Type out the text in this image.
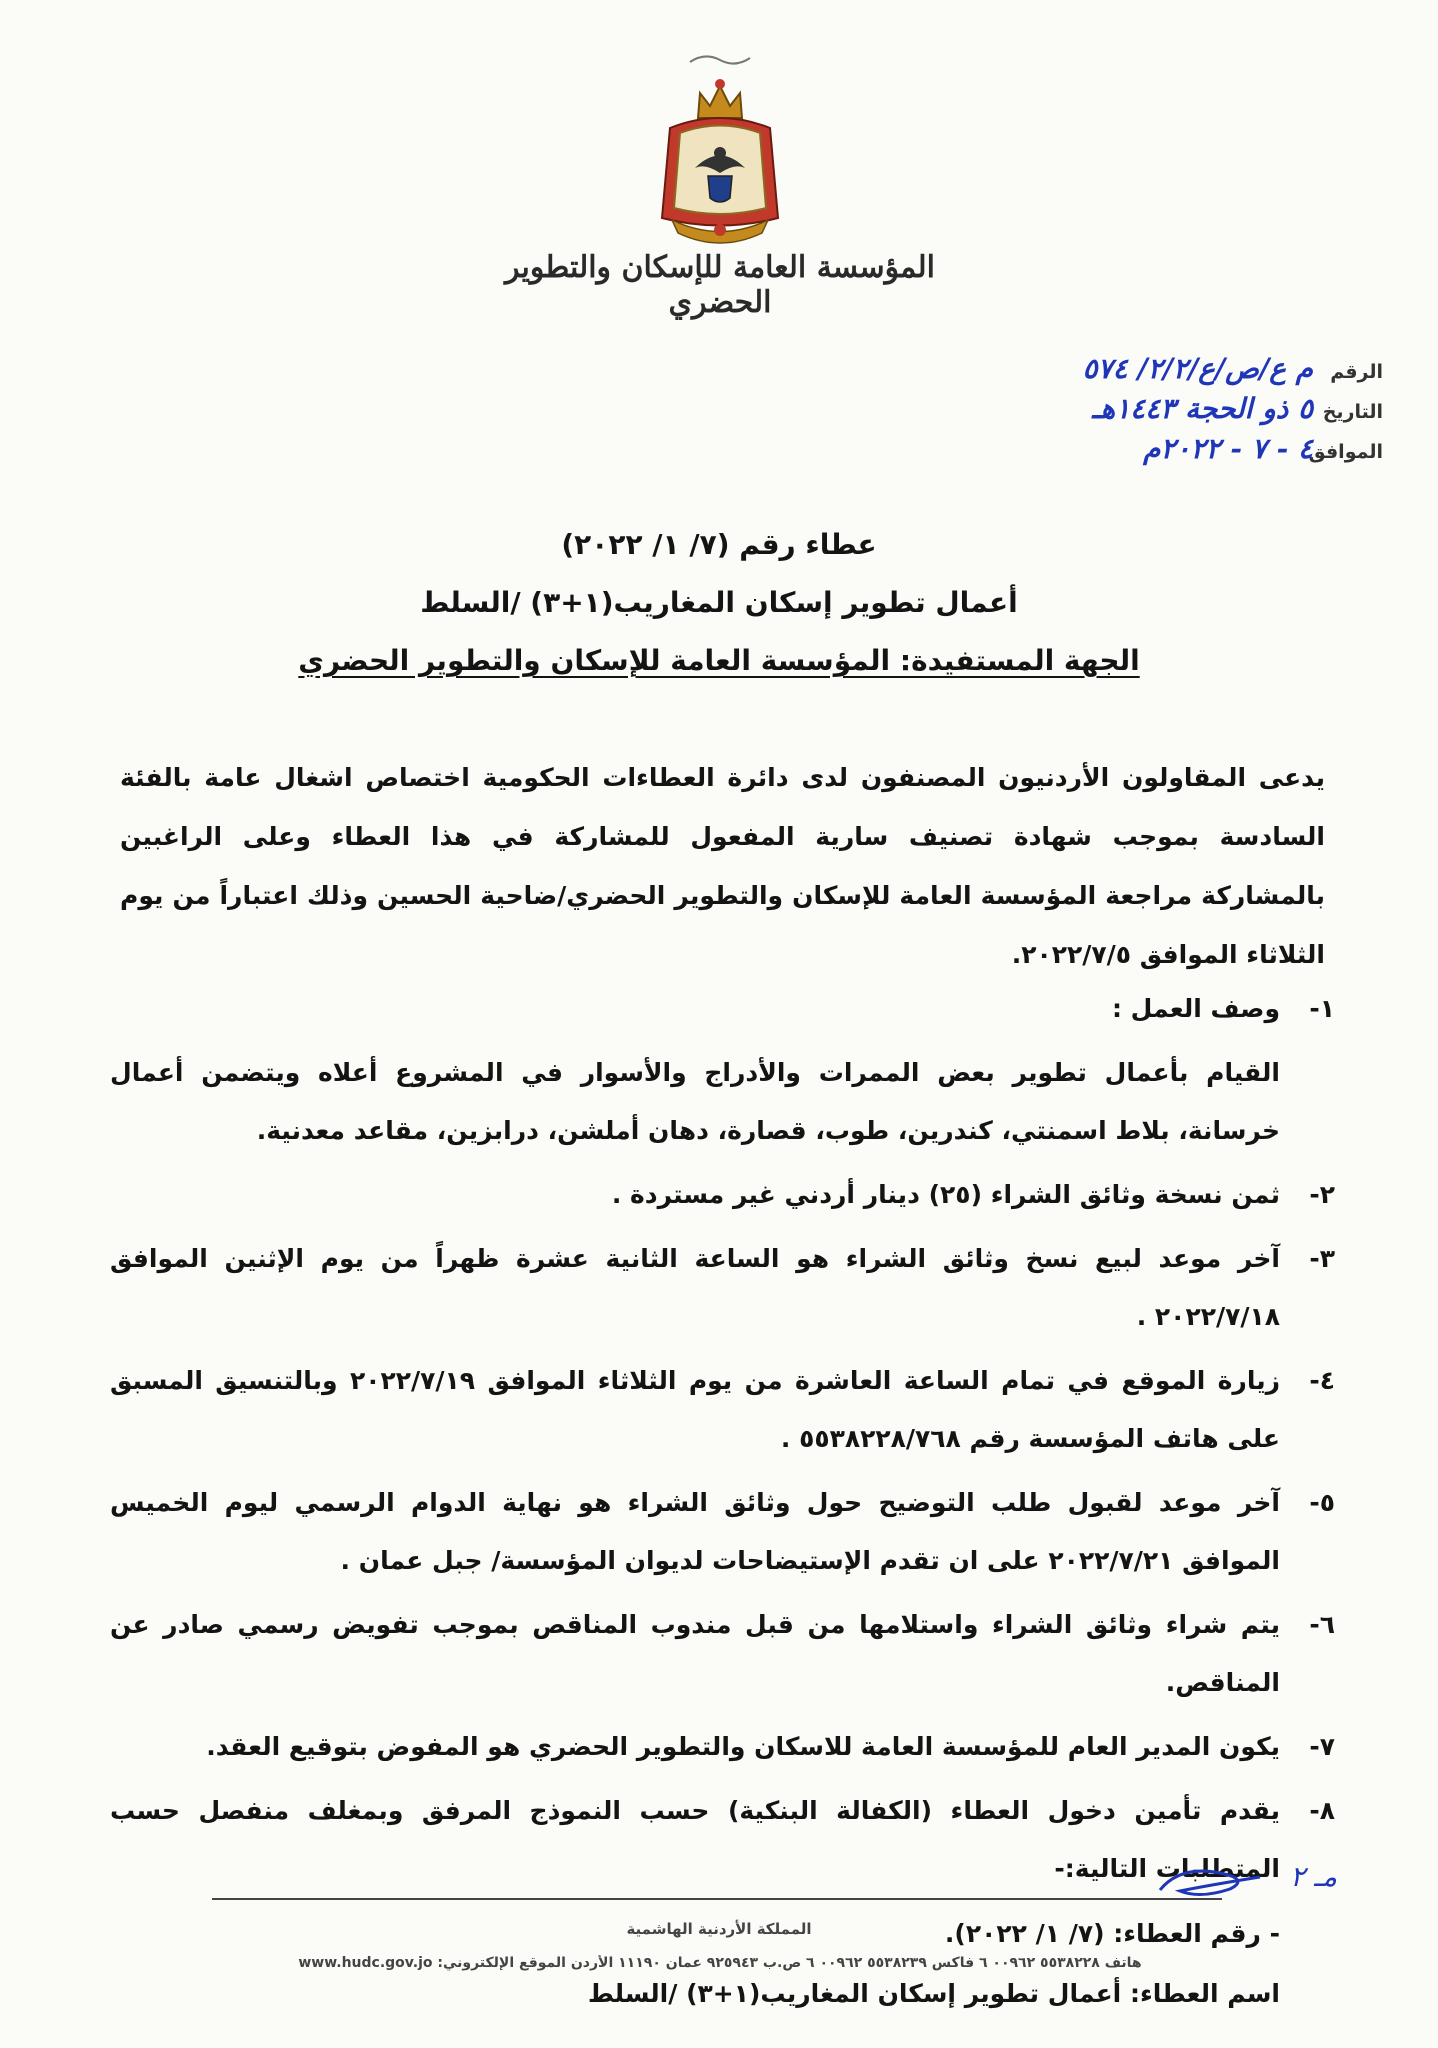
المؤسسة العامة للإسكان والتطوير الحضري
الرقم
م ع/ص/ع/٢/٢/ ٥٧٤
التاريخ
٥ ذو الحجة ١٤٤٣هـ
الموافق
٤ - ٧ - ٢٠٢٢م
عطاء رقم (٧/ ١/ ٢٠٢٢)
أعمال تطوير إسكان المغاريب(١+٣) /السلط
الجهة المستفيدة: المؤسسة العامة للإسكان والتطوير الحضري
يدعى المقاولون الأردنيون المصنفون لدى دائرة العطاءات الحكومية اختصاص اشغال عامة بالفئة السادسة بموجب شهادة تصنيف سارية المفعول للمشاركة في هذا العطاء وعلى الراغبين بالمشاركة مراجعة المؤسسة العامة للإسكان والتطوير الحضري/ضاحية الحسين وذلك اعتباراً من يوم الثلاثاء الموافق ٢٠٢٢/٧/٥.
١-
وصف العمل :
القيام بأعمال تطوير بعض الممرات والأدراج والأسوار في المشروع أعلاه ويتضمن أعمال خرسانة، بلاط اسمنتي، كندرين، طوب، قصارة، دهان أملشن، درابزين، مقاعد معدنية.
٢-
ثمن نسخة وثائق الشراء (٢٥) دينار أردني غير مستردة .
٣-
آخر موعد لبيع نسخ وثائق الشراء هو الساعة الثانية عشرة ظهراً من يوم الإثنين الموافق ٢٠٢٢/٧/١٨ .
٤-
زيارة الموقع في تمام الساعة العاشرة من يوم الثلاثاء الموافق ٢٠٢٢/٧/١٩ وبالتنسيق المسبق على هاتف المؤسسة رقم ٥٥٣٨٢٢٨/٧٦٨ .
٥-
آخر موعد لقبول طلب التوضيح حول وثائق الشراء هو نهاية الدوام الرسمي ليوم الخميس الموافق ٢٠٢٢/٧/٢١ على ان تقدم الإستيضاحات لديوان المؤسسة/ جبل عمان .
٦-
يتم شراء وثائق الشراء واستلامها من قبل مندوب المناقص بموجب تفويض رسمي صادر عن المناقص.
٧-
يكون المدير العام للمؤسسة العامة للاسكان والتطوير الحضري هو المفوض بتوقيع العقد.
٨-
يقدم تأمين دخول العطاء (الكفالة البنكية) حسب النموذج المرفق وبمغلف منفصل حسب المتطلبات التالية:-
- رقم العطاء: (٧/ ١/ ٢٠٢٢).
اسم العطاء: أعمال تطوير إسكان المغاريب(١+٣) /السلط
مـ ٢
المملكة الأردنية الهاشمية
هاتف ٥٥٣٨٢٢٨ ٠٠٩٦٢ ٦ فاكس ٥٥٣٨٢٣٩ ٠٠٩٦٢ ٦ ص.ب ٩٢٥٩٤٣ عمان ١١١٩٠ الأردن الموقع الإلكتروني: www.hudc.gov.jo
